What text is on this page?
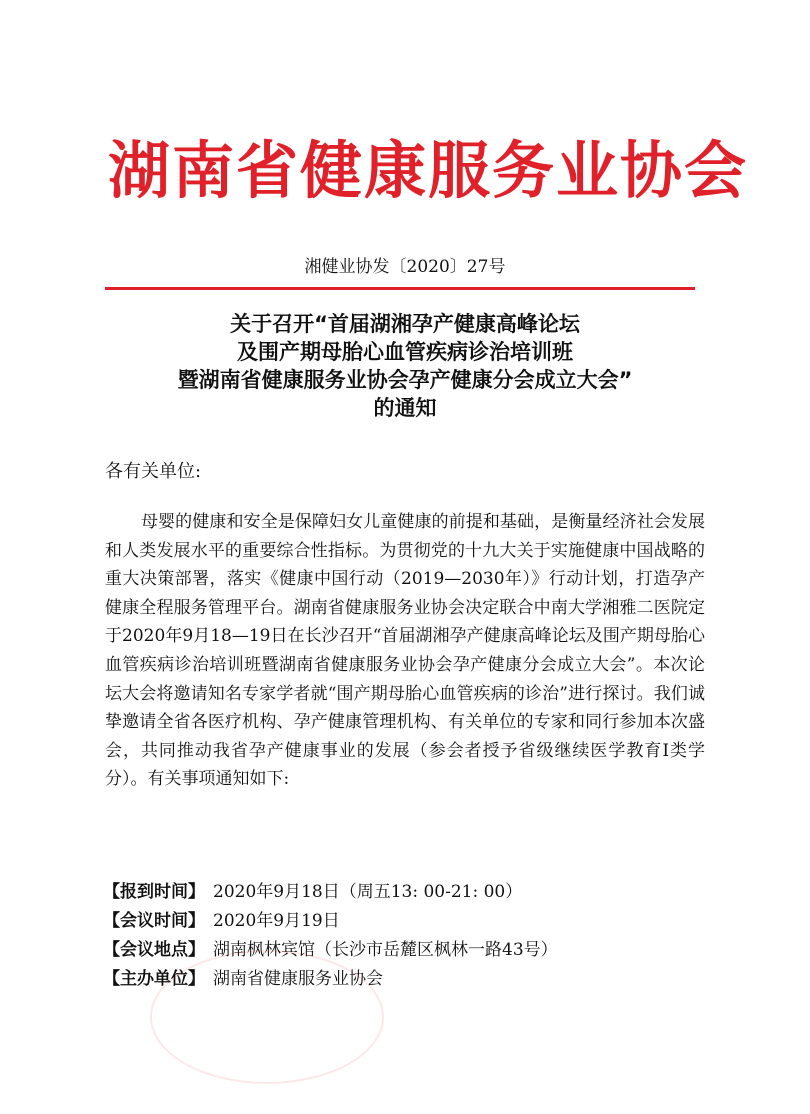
湖南省健康服务业协会
湘健业协发〔2020〕27号
关于召开“首届湖湘孕产健康高峰论坛
及围产期母胎心血管疾病诊治培训班
暨湖南省健康服务业协会孕产健康分会成立大会”
的通知
各有关单位:

母婴的健康和安全是保障妇女儿童健康的前提和基础，是衡量经济社会发展和人类发展水平的重要综合性指标。为贯彻党的十九大关于实施健康中国战略的重大决策部署，落实《健康中国行动（2019—2030年）》行动计划，打造孕产健康全程服务管理平台。湖南省健康服务业协会决定联合中南大学湘雅二医院定于2020年9月18—19日在长沙召开“首届湖湘孕产健康高峰论坛及围产期母胎心血管疾病诊治培训班暨湖南省健康服务业协会孕产健康分会成立大会”。本次论坛大会将邀请知名专家学者就“围产期母胎心血管疾病的诊治”进行探讨。我们诚挚邀请全省各医疗机构、孕产健康管理机构、有关单位的专家和同行参加本次盛会，共同推动我省孕产健康事业的发展（参会者授予省级继续医学教育Ⅰ类学分）。有关事项通知如下:

【报到时间】 2020年9月18日（周五13: 00-21: 00）
【会议时间】 2020年9月19日
【会议地点】 湖南枫林宾馆（长沙市岳麓区枫林一路43号）
【主办单位】 湖南省健康服务业协会
